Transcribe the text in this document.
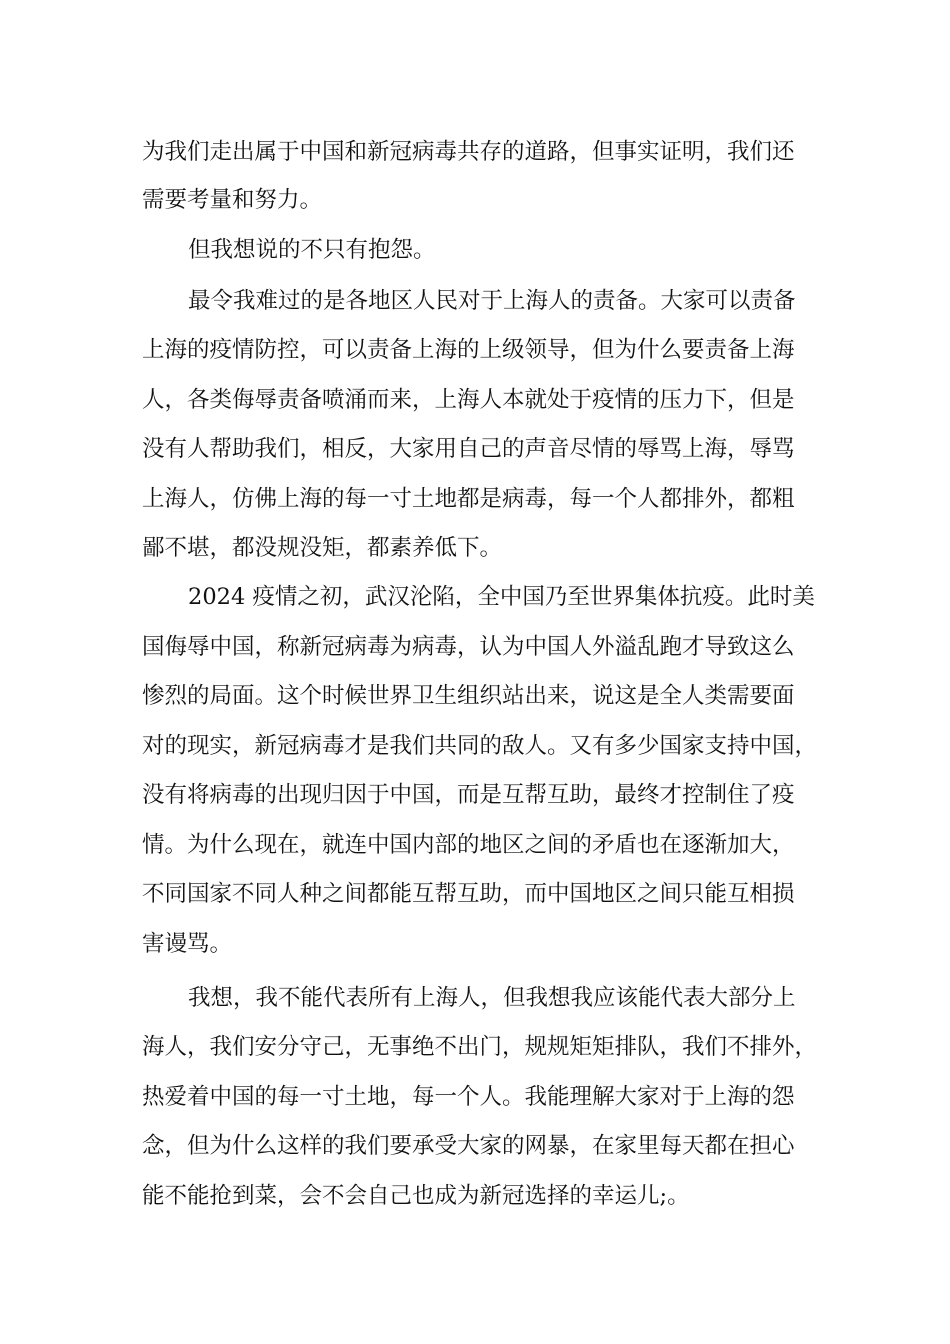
为我们走出属于中国和新冠病毒共存的道路，但事实证明，我们还
需要考量和努力。
但我想说的不只有抱怨。
最令我难过的是各地区人民对于上海人的责备。大家可以责备
上海的疫情防控，可以责备上海的上级领导，但为什么要责备上海
人，各类侮辱责备喷涌而来，上海人本就处于疫情的压力下，但是
没有人帮助我们，相反，大家用自己的声音尽情的辱骂上海，辱骂
上海人，仿佛上海的每一寸土地都是病毒，每一个人都排外，都粗
鄙不堪，都没规没矩，都素养低下。
2024 疫情之初，武汉沦陷，全中国乃至世界集体抗疫。此时美
国侮辱中国，称新冠病毒为病毒，认为中国人外溢乱跑才导致这么
惨烈的局面。这个时候世界卫生组织站出来，说这是全人类需要面
对的现实，新冠病毒才是我们共同的敌人。又有多少国家支持中国，
没有将病毒的出现归因于中国，而是互帮互助，最终才控制住了疫
情。为什么现在，就连中国内部的地区之间的矛盾也在逐渐加大，
不同国家不同人种之间都能互帮互助，而中国地区之间只能互相损
害谩骂。
我想，我不能代表所有上海人，但我想我应该能代表大部分上
海人，我们安分守己，无事绝不出门，规规矩矩排队，我们不排外，
热爱着中国的每一寸土地，每一个人。我能理解大家对于上海的怨
念，但为什么这样的我们要承受大家的网暴，在家里每天都在担心
能不能抢到菜，会不会自己也成为新冠选择的幸运儿;。
